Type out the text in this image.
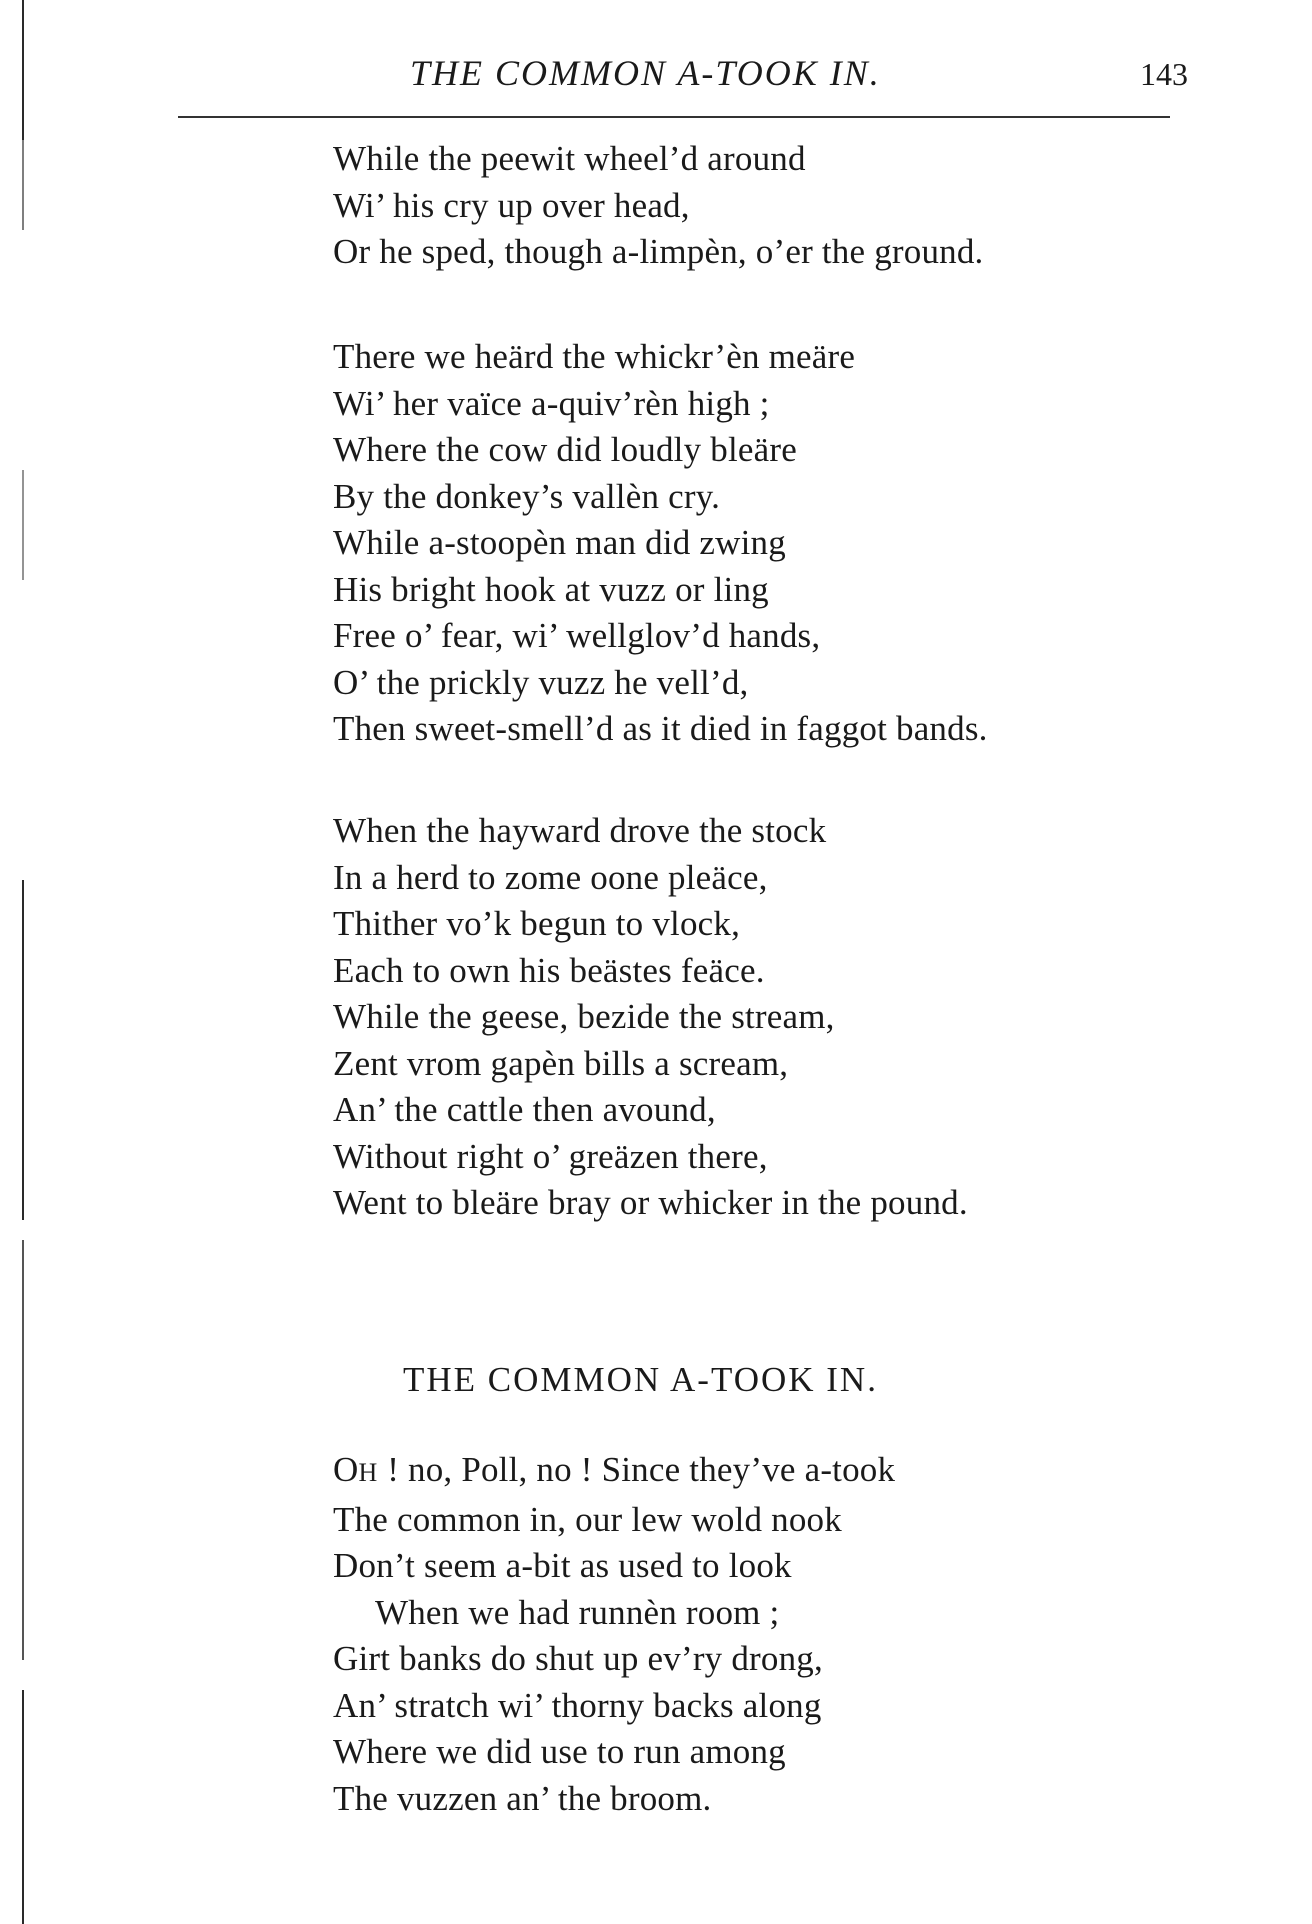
THE COMMON A-TOOK IN.	143
While the peewit wheel’d around
Wi’ his cry up over head,
Or he sped, though a-limpèn, o’er the ground.
There we heärd the whickr’èn meäre
Wi’ her vaïce a-quiv’rèn high ;
Where the cow did loudly bleäre
By the donkey’s vallèn cry.
While a-stoopèn man did zwing
His bright hook at vuzz or ling
Free o’ fear, wi’ wellglov’d hands,
O’ the prickly vuzz he vell’d,
Then sweet-smell’d as it died in faggot bands.
When the hayward drove the stock
In a herd to zome oone pleäce,
Thither vo’k begun to vlock,
Each to own his beästes feäce.
While the geese, bezide the stream,
Zent vrom gapèn bills a scream,
An’ the cattle then avound,
Without right o’ greäzen there,
Went to bleäre bray or whicker in the pound.
THE COMMON A-TOOK IN.
OH ! no, Poll, no ! Since they’ve a-took
The common in, our lew wold nook
Don’t seem a-bit as used to look
When we had runnèn room ;
Girt banks do shut up ev’ry drong,
An’ stratch wi’ thorny backs along
Where we did use to run among
The vuzzen an’ the broom.
